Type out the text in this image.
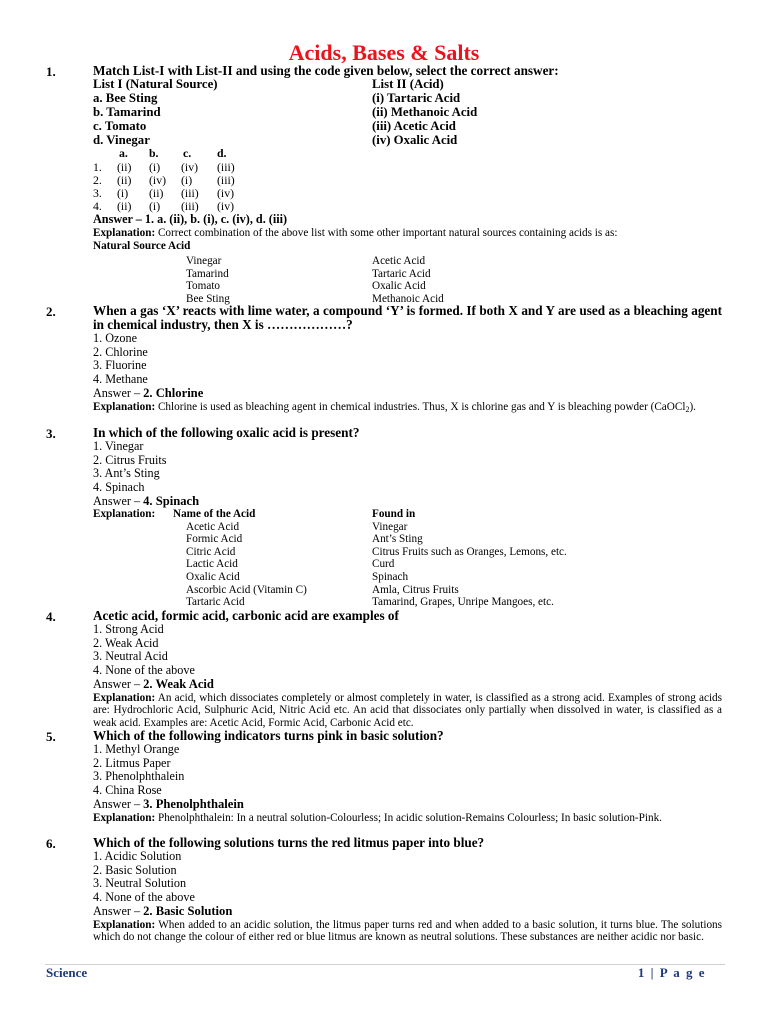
Acids, Bases & Salts
1.	Match List-I with List-II and using the code given below, select the correct answer:
List I (Natural Source)	List II (Acid)
a. Bee Sting	(i) Tartaric Acid
b. Tamarind	(ii) Methanoic Acid
c. Tomato	(iii) Acetic Acid
d. Vinegar	(iv) Oxalic Acid
a. b. c. d.
1. (ii) (i) (iv) (iii)
2. (ii) (iv) (i) (iii)
3. (i) (ii) (iii) (iv)
4. (ii) (i) (iii) (iv)
Answer – 1. a. (ii), b. (i), c. (iv), d. (iii)
Explanation: Correct combination of the above list with some other important natural sources containing acids is as:
Natural Source Acid
Vinegar	Acetic Acid
Tamarind	Tartaric Acid
Tomato	Oxalic Acid
Bee Sting	Methanoic Acid
2.	When a gas ‘X’ reacts with lime water, a compound ‘Y’ is formed. If both X and Y are used as a bleaching agent in chemical industry, then X is ………………?
1. Ozone
2. Chlorine
3. Fluorine
4. Methane
Answer – 2. Chlorine
Explanation: Chlorine is used as bleaching agent in chemical industries. Thus, X is chlorine gas and Y is bleaching powder (CaOCl$_2$).
3.	In which of the following oxalic acid is present?
1. Vinegar
2. Citrus Fruits
3. Ant’s Sting
4. Spinach
Answer – 4. Spinach
Explanation: Name of the Acid	Found in
Acetic Acid	Vinegar
Formic Acid	Ant’s Sting
Citric Acid	Citrus Fruits such as Oranges, Lemons, etc.
Lactic Acid	Curd
Oxalic Acid	Spinach
Ascorbic Acid (Vitamin C)	Amla, Citrus Fruits
Tartaric Acid	Tamarind, Grapes, Unripe Mangoes, etc.
4.	Acetic acid, formic acid, carbonic acid are examples of
1. Strong Acid
2. Weak Acid
3. Neutral Acid
4. None of the above
Answer – 2. Weak Acid
Explanation: An acid, which dissociates completely or almost completely in water, is classified as a strong acid. Examples of strong acids are: Hydrochloric Acid, Sulphuric Acid, Nitric Acid etc. An acid that dissociates only partially when dissolved in water, is classified as a weak acid. Examples are: Acetic Acid, Formic Acid, Carbonic Acid etc.
5.	Which of the following indicators turns pink in basic solution?
1. Methyl Orange
2. Litmus Paper
3. Phenolphthalein
4. China Rose
Answer – 3. Phenolphthalein
Explanation: Phenolphthalein: In a neutral solution-Colourless; In acidic solution-Remains Colourless; In basic solution-Pink.
6.	Which of the following solutions turns the red litmus paper into blue?
1. Acidic Solution
2. Basic Solution
3. Neutral Solution
4. None of the above
Answer – 2. Basic Solution
Explanation: When added to an acidic solution, the litmus paper turns red and when added to a basic solution, it turns blue. The solutions which do not change the colour of either red or blue litmus are known as neutral solutions. These substances are neither acidic nor basic.
Science	1 | P a g e
